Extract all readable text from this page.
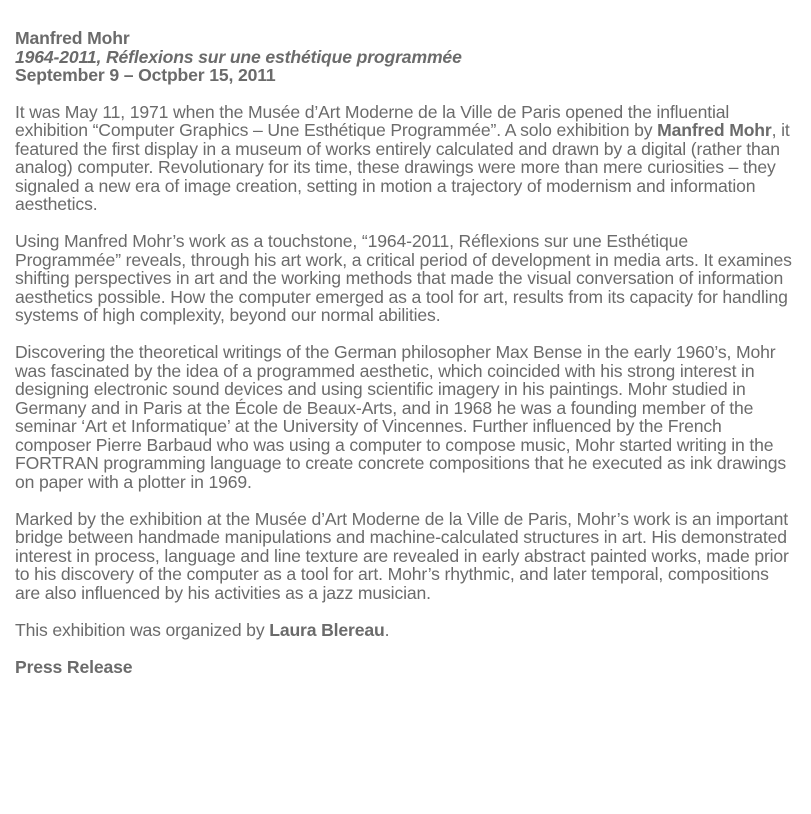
Manfred Mohr
1964-2011, Réflexions sur une esthétique programmée
September 9 – Octpber 15, 2011

It was May 11, 1971 when the Musée d’Art Moderne de la Ville de Paris opened the influential exhibition “Computer Graphics – Une Esthétique Programmée”. A solo exhibition by Manfred Mohr, it featured the first display in a museum of works entirely calculated and drawn by a digital (rather than analog) computer. Revolutionary for its time, these drawings were more than mere curiosities – they signaled a new era of image creation, setting in motion a trajectory of modernism and information aesthetics.

Using Manfred Mohr’s work as a touchstone, “1964-2011, Réflexions sur une Esthétique Programmée” reveals, through his art work, a critical period of development in media arts. It examines shifting perspectives in art and the working methods that made the visual conversation of information aesthetics possible. How the computer emerged as a tool for art, results from its capacity for handling systems of high complexity, beyond our normal abilities.

Discovering the theoretical writings of the German philosopher Max Bense in the early 1960’s, Mohr was fascinated by the idea of a programmed aesthetic, which coincided with his strong interest in designing electronic sound devices and using scientific imagery in his paintings. Mohr studied in Germany and in Paris at the École de Beaux-Arts, and in 1968 he was a founding member of the seminar ‘Art et Informatique’ at the University of Vincennes. Further influenced by the French composer Pierre Barbaud who was using a computer to compose music, Mohr started writing in the FORTRAN programming language to create concrete compositions that he executed as ink drawings on paper with a plotter in 1969.

Marked by the exhibition at the Musée d’Art Moderne de la Ville de Paris, Mohr’s work is an important bridge between handmade manipulations and machine-calculated structures in art. His demonstrated interest in process, language and line texture are revealed in early abstract painted works, made prior to his discovery of the computer as a tool for art. Mohr’s rhythmic, and later temporal, compositions are also influenced by his activities as a jazz musician.

This exhibition was organized by Laura Blereau.

Press Release
